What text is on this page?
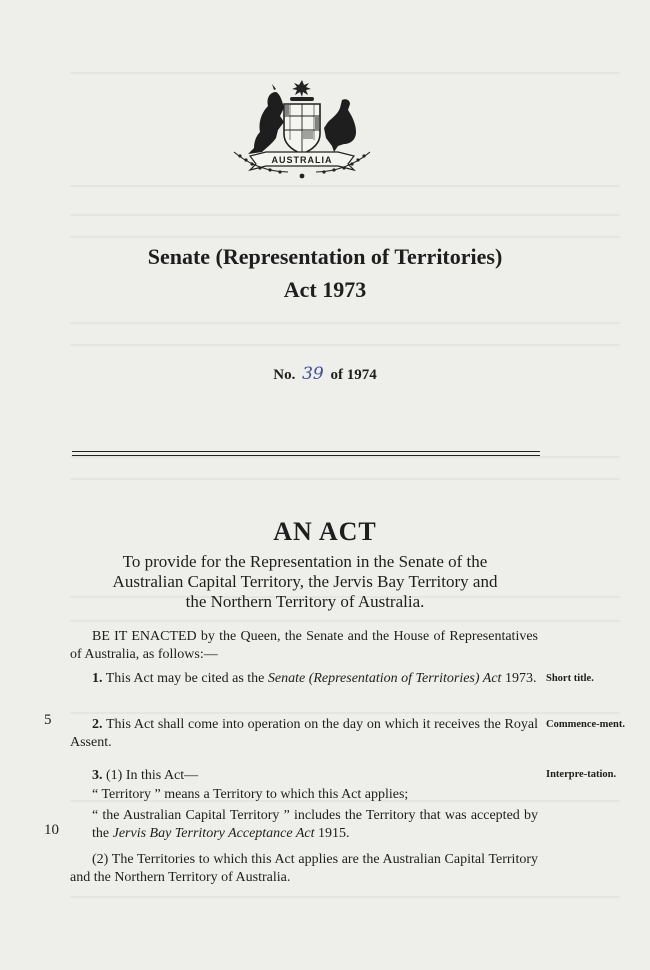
AUSTRALIA
Senate (Representation of Territories)
Act 1973
No. 39 of 1974
AN ACT
To provide for the Representation in the Senate of the
Australian Capital Territory, the Jervis Bay Territory and
the Northern Territory of Australia.
BE IT ENACTED by the Queen, the Senate and the House of Representatives of Australia, as follows:—
1. This Act may be cited as the Senate (Representation of Territories) Act 1973. Short title.
5	2. This Act shall come into operation on the day on which it receives the Royal Assent.
Commence-ment.
3. (1) In this Act—	Interpre-tation.
“ Territory ” means a Territory to which this Act applies;
“ the Australian Capital Territory ” includes the Territory that was accepted by the Jervis Bay Territory Acceptance Act 1915.
10
(2) The Territories to which this Act applies are the Australian Capital Territory and the Northern Territory of Australia.
